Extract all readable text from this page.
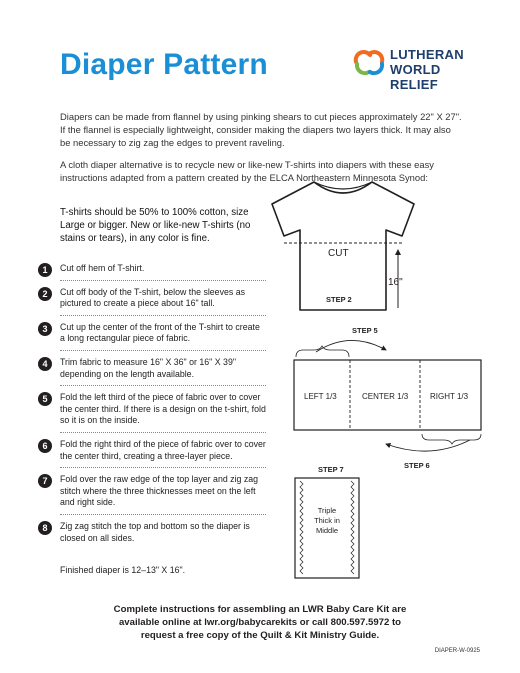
Diaper Pattern	LUTHERAN
WORLD RELIEF
Diapers can be made from flannel by using pinking shears to cut pieces approximately 22" X 27". If the flannel is especially lightweight, consider making the diapers two layers thick. It may also be necessary to zig zag the edges to prevent raveling.
A cloth diaper alternative is to recycle new or like-new T-shirts into diapers with these easy instructions adapted from a pattern created by the ELCA Northeastern Minnesota Synod:
T-shirts should be 50% to 100% cotton, size Large or bigger. New or like-new T-shirts (no stains or tears), in any color is fine.
1	Cut off hem of T-shirt.
2	Cut off body of the T-shirt, below the sleeves as pictured to create a piece about 16" tall.
3	Cut up the center of the front of the T-shirt to create a long rectangular piece of fabric.
4	Trim fabric to measure 16" X 36" or 16" X 39" depending on the length available.
5	Fold the left third of the piece of fabric over to cover the center third. If there is a design on the t-shirt, fold so it is on the inside.
6	Fold the right third of the piece of fabric over to cover the center third, creating a three-layer piece.
7	Fold over the raw edge of the top layer and zig zag stitch where the three thicknesses meet on the left and right side.
8	Zig zag stitch the top and bottom so the diaper is closed on all sides.
Finished diaper is 12–13" X 16".
CUT
16"
STEP 2
STEP 5
LEFT 1/3	CENTER 1/3	RIGHT 1/3
STEP 6
STEP 7
Triple
Thick in
Middle
Complete instructions for assembling an LWR Baby Care Kit are
available online at lwr.org/babycarekits or call 800.597.5972 to
request a free copy of the Quilt & Kit Ministry Guide.
DIAPER-W-0925
